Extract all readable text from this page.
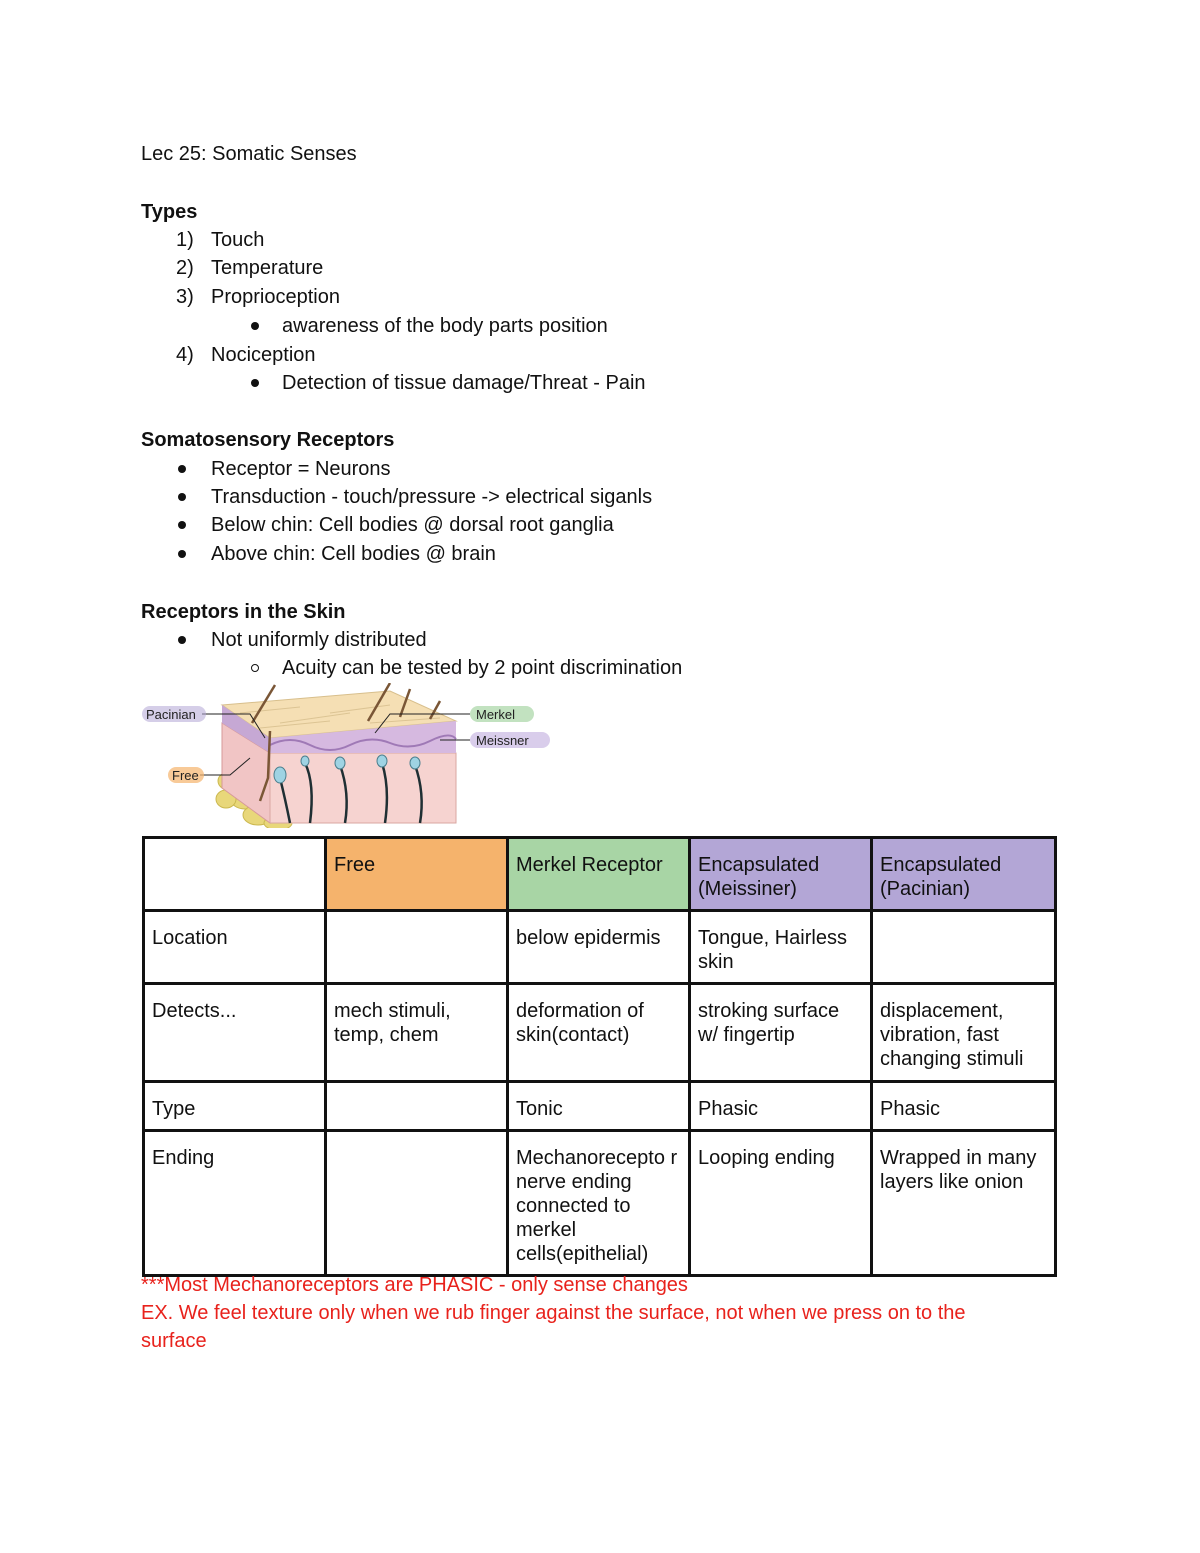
Lec 25: Somatic Senses
Types
1) Touch
2) Temperature
3) Proprioception
awareness of the body parts position
4) Nociception
Detection of tissue damage/Threat - Pain
Somatosensory Receptors
Receptor = Neurons
Transduction - touch/pressure -> electrical siganls
Below chin: Cell bodies @ dorsal root ganglia
Above chin: Cell bodies @ brain
Receptors in the Skin
Not uniformly distributed
Acuity can be tested by 2 point discrimination
Pacinian
Free
Merkel
Meissner
	Free	Merkel Receptor	Encapsulated (Meissiner)	Encapsulated (Pacinian)
Location		below epidermis	Tongue, Hairless skin	
Detects...	mech stimuli, temp, chem	deformation of skin(contact)	stroking surface w/ fingertip	displacement, vibration, fast changing stimuli
Type		Tonic	Phasic	Phasic
Ending		Mechanorecepto r nerve ending connected to merkel cells(epithelial)	Looping ending	Wrapped in many layers like onion
***Most Mechanoreceptors are PHASIC - only sense changes
EX. We feel texture only when we rub finger against the surface, not when we press on to the
surface
